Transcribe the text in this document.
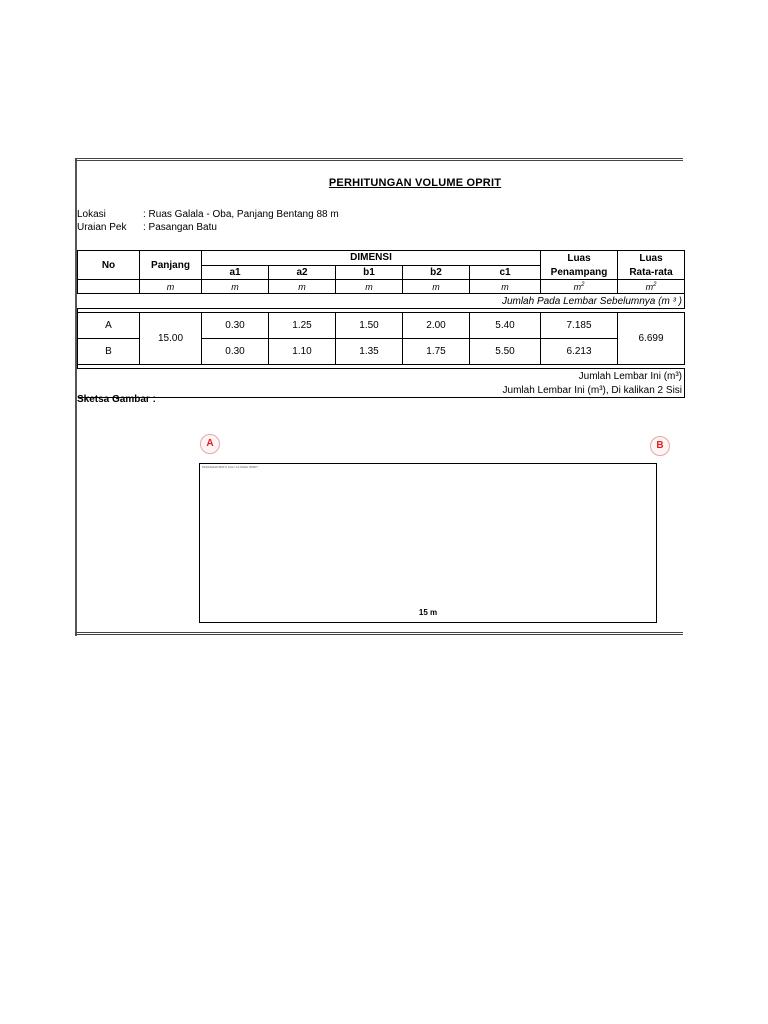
PERHITUNGAN VOLUME OPRIT
Lokasi	: Ruas Galala - Oba, Panjang Bentang 88 m
Uraian Pek : Pasangan Batu
No	Panjang	DIMENSI					Luas	Luas
		a1	a2	b1	b2	c1	Penampang	Rata-rata
	m	m	m	m	m	m	$m^2$	$m^2$
Jumlah Pada Lembar Sebelumnya (m ³ )								

A	15.00	0.30	1.25	1.50	2.00	5.40	7.185	6.699
B		0.30	1.10	1.35	1.75	5.50	6.213	

Jumlah Lembar Ini (m³)								
Jumlah Lembar Ini (m³), Di kalikan 2 Sisi								
Sketsa Gambar :
A	B
PASANGAN BATU KALI 1:4 PADA OPRIT
15 m
